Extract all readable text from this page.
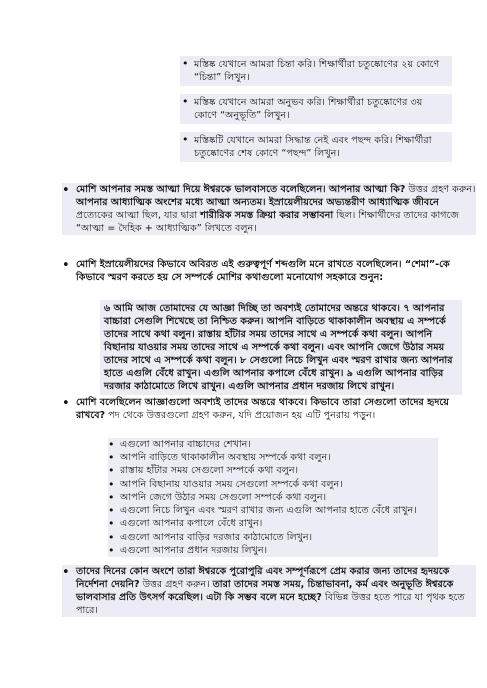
• মস্তিষ্ক যেখানে আমরা চিন্তা করি। শিক্ষার্থীরা চতুষ্কোণের ২য় কোণে “চিন্তা” লিখুন।
• মস্তিষ্ক যেখানে আমরা অনুভব করি। শিক্ষার্থীরা চতুষ্কোণের ৩য় কোণে “অনুভূতি” লিখুন।
• মস্তিষ্কটি যেখানে আমরা সিদ্ধান্ত নেই এবং পছন্দ করি। শিক্ষার্থীরা চতুষ্কোণের শেষ কোণে “পছন্দ” লিখুন।
• মোশি আপনার সমস্ত আত্মা দিয়ে ঈশ্বরকে ভালবাসতে বলেছিলেন। আপনার আত্মা কি? উত্তর গ্রহণ করুন। আপনার আধ্যাত্মিক অংশের মধ্যে আত্মা অন্যতম। ইস্রায়েলীয়দের অভ্যন্তরীণ আধ্যাত্মিক জীবনে প্রত্যেকের আত্মা ছিল, যার দ্বারা শারীরিক সমস্ত ক্রিয়া করার সম্ভাবনা ছিল। শিক্ষার্থীদের তাদের কাগজে “আত্মা = দৈহিক + আধ্যাত্মিক” লিখতে বলুন।
• মোশি ইস্রায়েলীয়দের কিভাবে অবিরত এই গুরুত্বপূর্ণ শব্দগুলি মনে রাখতে বলেছিলেন। “শেমা”-কে কিভাবে স্মরণ করতে হয় সে সম্পর্কে মোশির কথাগুলো মনোযোগ সহকারে শুনুন:
৬ আমি আজ তোমাদের যে আজ্ঞা দিচ্ছি তা অবশ্যই তোমাদের অন্তরে থাকবে। ৭ আপনার বাচ্চারা সেগুলি শিখেছে তা নিশ্চিত করুন। আপনি বাড়িতে থাকাকালীন অবস্থায় এ সম্পর্কে তাদের সাথে কথা বলুন। রাস্তায় হাঁটার সময় তাদের সাথে এ সম্পর্কে কথা বলুন। আপনি বিছানায় যাওয়ার সময় তাদের সাথে এ সম্পর্কে কথা বলুন। এবং আপনি জেগে উঠার সময় তাদের সাথে এ সম্পর্কে কথা বলুন। ৮ সেগুলো নিচে লিখুন এবং স্মরণ রাখার জন্য আপনার হাতে এগুলি বেঁধে রাখুন। এগুলি আপনার কপালে বেঁধে রাখুন। ৯ এগুলি আপনার বাড়ির দরজার কাঠামোতে লিখে রাখুন। এগুলি আপনার প্রধান দরজায় লিখে রাখুন।
• মোশি বলেছিলেন আজ্ঞাগুলো অবশ্যই তাদের অন্তরে থাকবে। কিভাবে তারা সেগুলো তাদের হৃদয়ে রাখবে? পদ থেকে উত্তরগুলো গ্রহণ করুন, যদি প্রয়োজন হয় এটি পুনরায় পড়ুন।
• এগুলো আপনার বাচ্চাদের শেখান।
• আপনি বাড়িতে থাকাকালীন অবস্থায় সম্পর্কে কথা বলুন।
• রাস্তায় হাঁটার সময় সেগুলো সম্পর্কে কথা বলুন।
• আপনি বিছানায় যাওয়ার সময় সেগুলো সম্পর্কে কথা বলুন।
• আপনি জেগে উঠার সময় সেগুলো সম্পর্কে কথা বলুন।
• এগুলো নিচে লিখুন এবং স্মরণ রাখার জন্য এগুলি আপনার হাতে বেঁধে রাখুন।
• এগুলো আপনার কপালে বেঁধে রাখুন।
• এগুলো আপনার বাড়ির দরজার কাঠামোতে লিখুন।
• এগুলো আপনার প্রধান দরজায় লিখুন।
• তাদের দিনের কোন অংশে তারা ঈশ্বরকে পুরোপুরি এবং সম্পূর্ণরূপে প্রেম করার জন্য তাদের হৃদয়কে নির্দেশনা দেয়নি? উত্তর গ্রহণ করুন। তারা তাদের সমস্ত সময়, চিন্তাভাবনা, কর্ম এবং অনুভূতি ঈশ্বরকে ভালবাসার প্রতি উৎসর্গ করেছিল। এটা কি সম্ভব বলে মনে হচ্ছে? বিভিন্ন উত্তর হতে পারে যা পৃথক হতে পারে।
